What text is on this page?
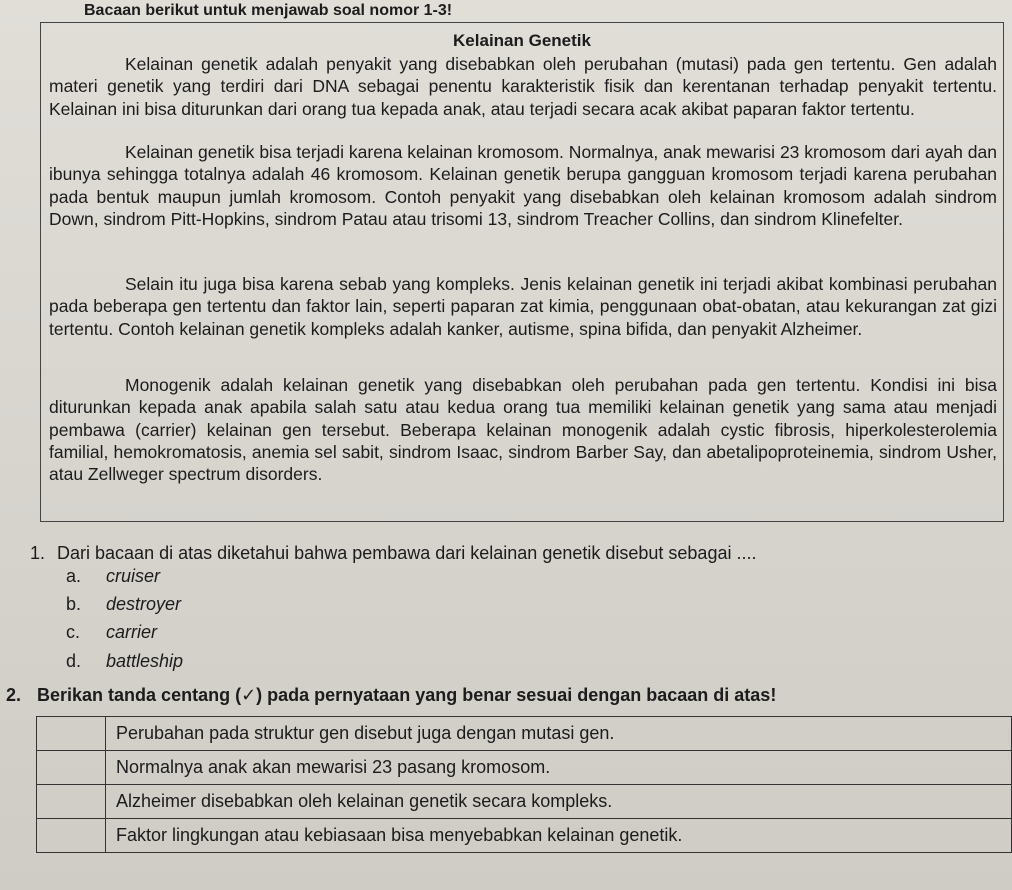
Bacaan berikut untuk menjawab soal nomor 1-3!
Kelainan Genetik

Kelainan genetik adalah penyakit yang disebabkan oleh perubahan (mutasi) pada gen tertentu. Gen adalah materi genetik yang terdiri dari DNA sebagai penentu karakteristik fisik dan kerentanan terhadap penyakit tertentu. Kelainan ini bisa diturunkan dari orang tua kepada anak, atau terjadi secara acak akibat paparan faktor tertentu.

Kelainan genetik bisa terjadi karena kelainan kromosom. Normalnya, anak mewarisi 23 kromosom dari ayah dan ibunya sehingga totalnya adalah 46 kromosom. Kelainan genetik berupa gangguan kromosom terjadi karena perubahan pada bentuk maupun jumlah kromosom. Contoh penyakit yang disebabkan oleh kelainan kromosom adalah sindrom Down, sindrom Pitt-Hopkins, sindrom Patau atau trisomi 13, sindrom Treacher Collins, dan sindrom Klinefelter.

Selain itu juga bisa karena sebab yang kompleks. Jenis kelainan genetik ini terjadi akibat kombinasi perubahan pada beberapa gen tertentu dan faktor lain, seperti paparan zat kimia, penggunaan obat-obatan, atau kekurangan zat gizi tertentu. Contoh kelainan genetik kompleks adalah kanker, autisme, spina bifida, dan penyakit Alzheimer.

Monogenik adalah kelainan genetik yang disebabkan oleh perubahan pada gen tertentu. Kondisi ini bisa diturunkan kepada anak apabila salah satu atau kedua orang tua memiliki kelainan genetik yang sama atau menjadi pembawa (carrier) kelainan gen tersebut. Beberapa kelainan monogenik adalah cystic fibrosis, hiperkolesterolemia familial, hemokromatosis, anemia sel sabit, sindrom Isaac, sindrom Barber Say, dan abetalipoproteinemia, sindrom Usher, atau Zellweger spectrum disorders.

1. Dari bacaan di atas diketahui bahwa pembawa dari kelainan genetik disebut sebagai ....
a. cruiser
b. destroyer
c. carrier
d. battleship
2. Berikan tanda centang (✓) pada pernyataan yang benar sesuai dengan bacaan di atas!
	Perubahan pada struktur gen disebut juga dengan mutasi gen.
	Normalnya anak akan mewarisi 23 pasang kromosom.
	Alzheimer disebabkan oleh kelainan genetik secara kompleks.
	Faktor lingkungan atau kebiasaan bisa menyebabkan kelainan genetik.
